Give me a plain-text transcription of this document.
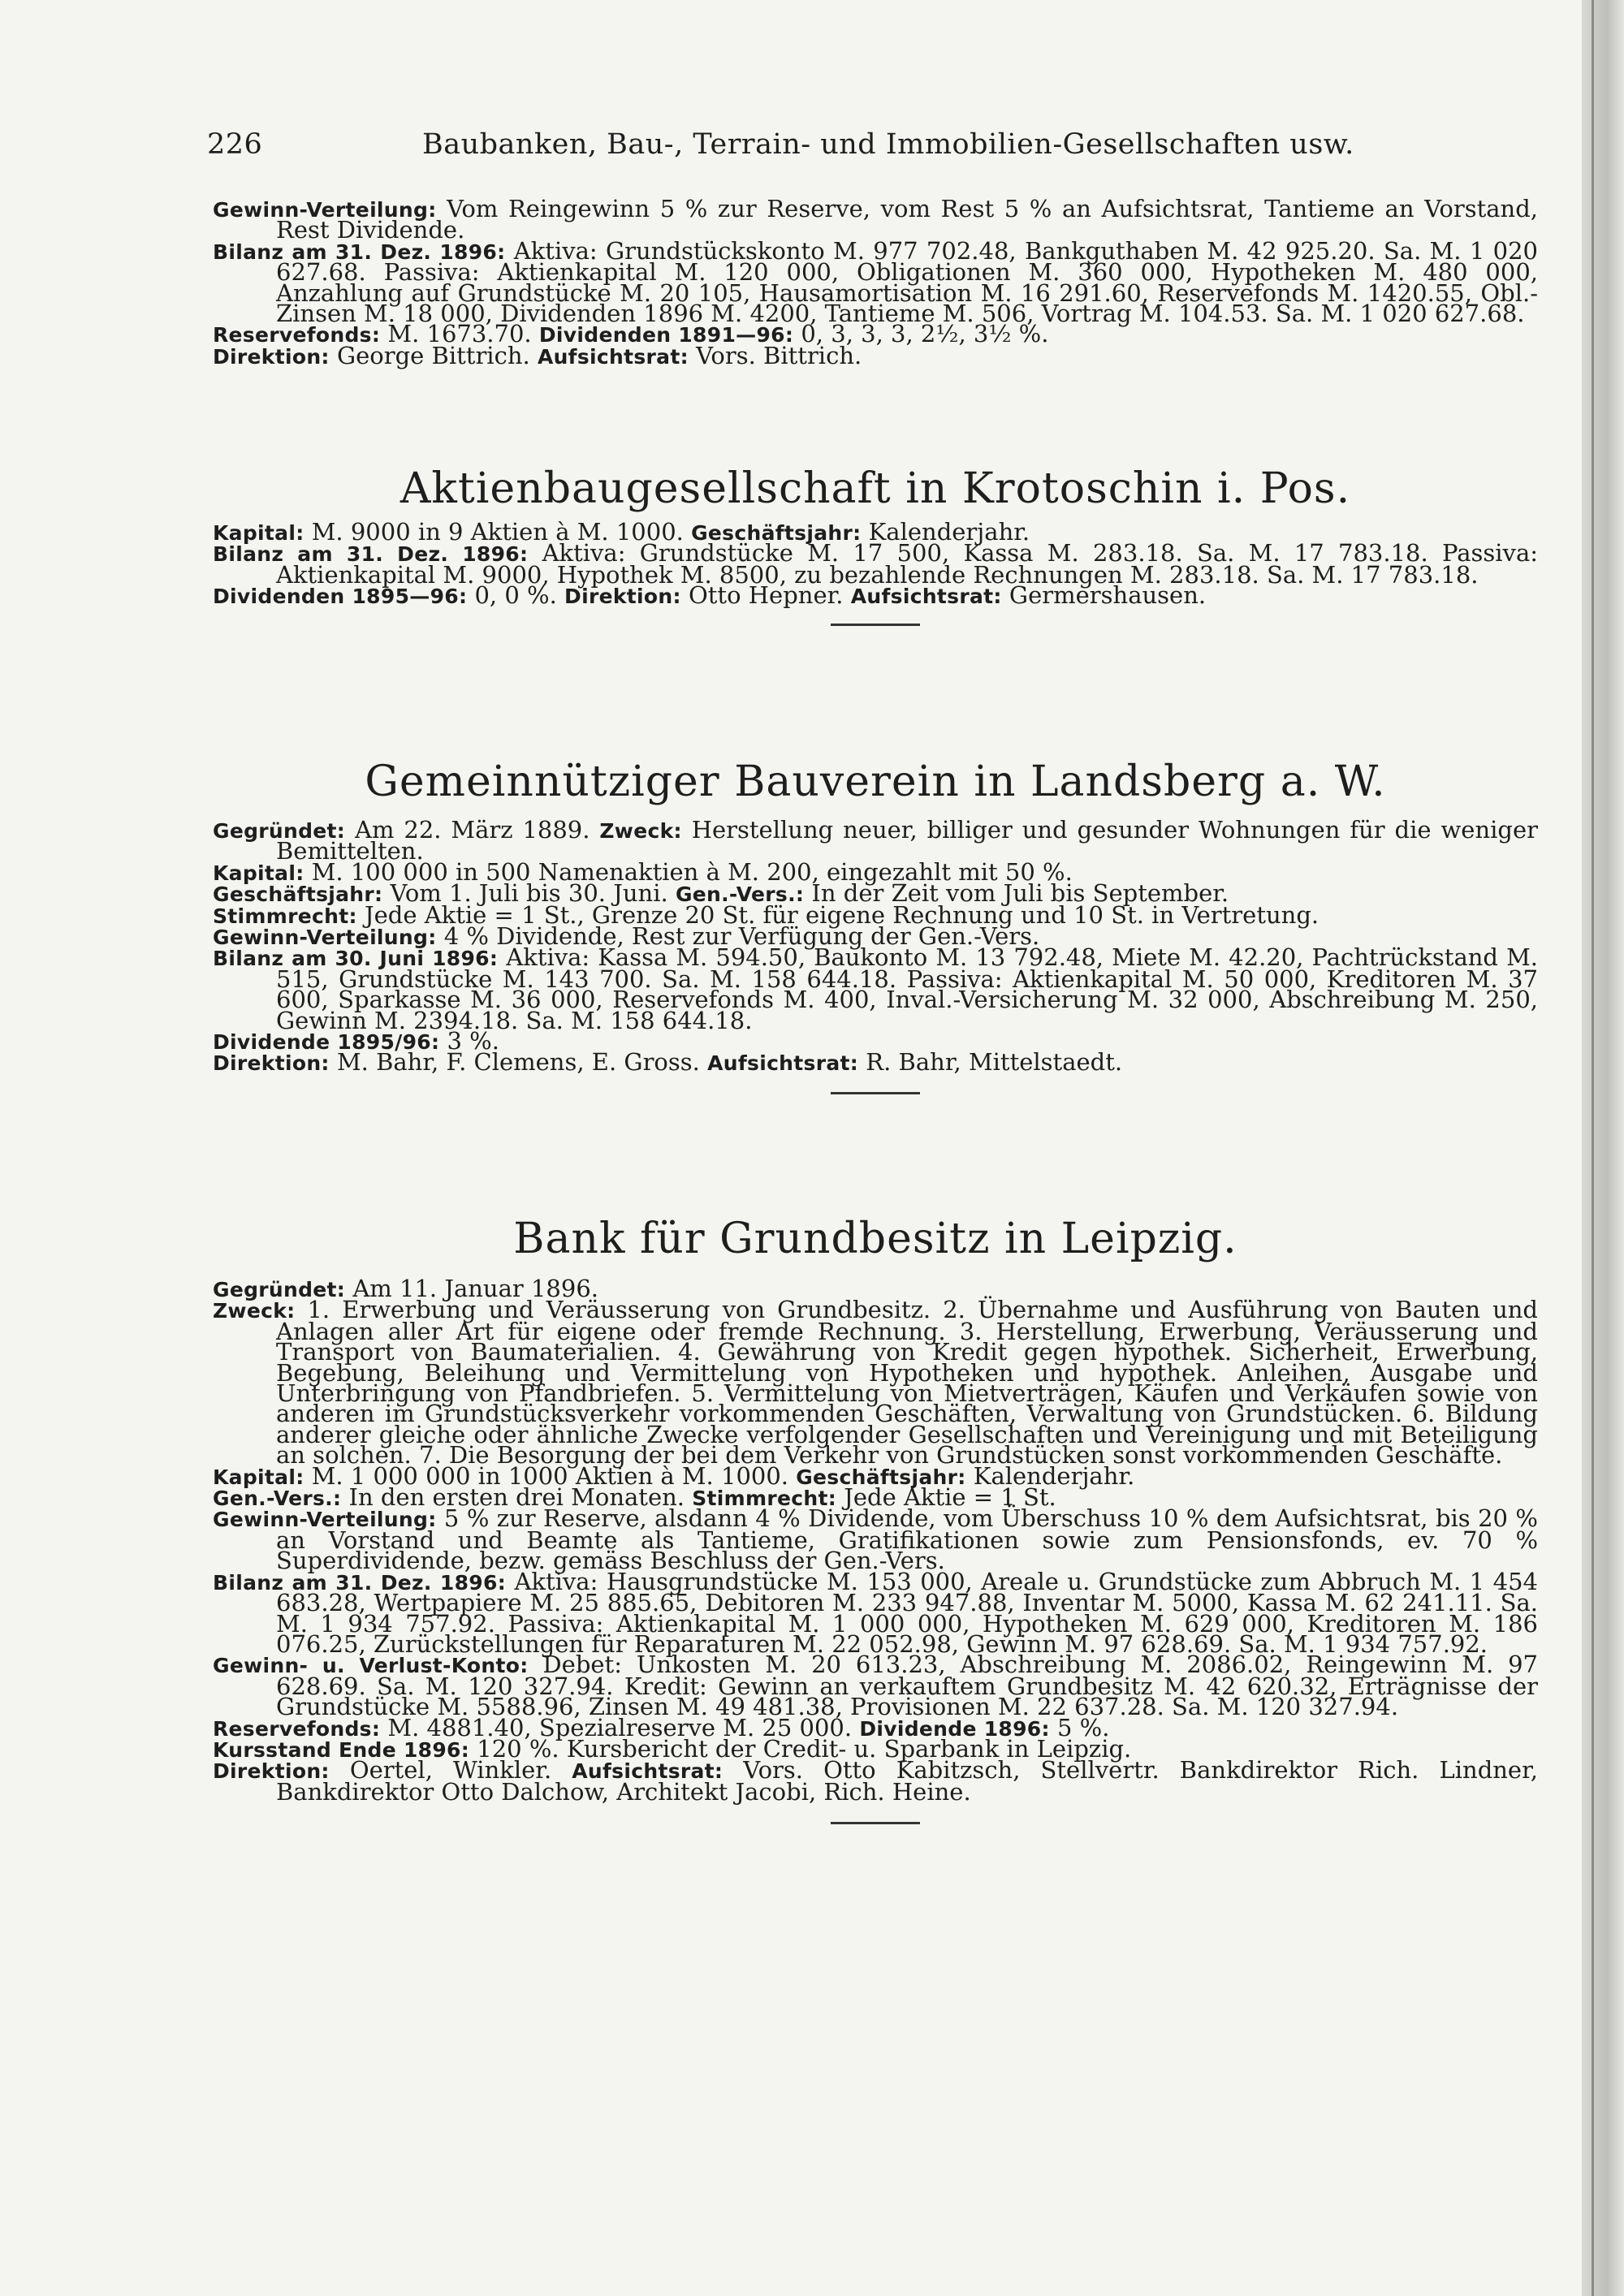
226	Baubanken, Bau-, Terrain- und Immobilien-Gesellschaften usw.

Gewinn-Verteilung: Vom Reingewinn 5 % zur Reserve, vom Rest 5 % an Aufsichtsrat, Tantieme an Vorstand, Rest Dividende.

Bilanz am 31. Dez. 1896: Aktiva: Grundstückskonto M. 977 702.48, Bankguthaben M. 42 925.20. Sa. M. 1 020 627.68. Passiva: Aktienkapital M. 120 000, Obligationen M. 360 000, Hypotheken M. 480 000, Anzahlung auf Grundstücke M. 20 105, Hausamortisation M. 16 291.60, Reservefonds M. 1420.55, Obl.-Zinsen M. 18 000, Dividenden 1896 M. 4200, Tantieme M. 506, Vortrag M. 104.53. Sa. M. 1 020 627.68.

Reservefonds: M. 1673.70. Dividenden 1891—96: 0, 3, 3, 3, 2½, 3½ %.

Direktion: George Bittrich. Aufsichtsrat: Vors. Bittrich.

Aktienbaugesellschaft in Krotoschin i. Pos.

Kapital: M. 9000 in 9 Aktien à M. 1000. Geschäftsjahr: Kalenderjahr.

Bilanz am 31. Dez. 1896: Aktiva: Grundstücke M. 17 500, Kassa M. 283.18. Sa. M. 17 783.18. Passiva: Aktienkapital M. 9000, Hypothek M. 8500, zu bezahlende Rechnungen M. 283.18. Sa. M. 17 783.18.

Dividenden 1895—96: 0, 0 %. Direktion: Otto Hepner. Aufsichtsrat: Germershausen.

Gemeinnütziger Bauverein in Landsberg a. W.

Gegründet: Am 22. März 1889. Zweck: Herstellung neuer, billiger und gesunder Wohnungen für die weniger Bemittelten.

Kapital: M. 100 000 in 500 Namenaktien à M. 200, eingezahlt mit 50 %.

Geschäftsjahr: Vom 1. Juli bis 30. Juni. Gen.-Vers.: In der Zeit vom Juli bis September.

Stimmrecht: Jede Aktie = 1 St., Grenze 20 St. für eigene Rechnung und 10 St. in Vertretung.

Gewinn-Verteilung: 4 % Dividende, Rest zur Verfügung der Gen.-Vers.

Bilanz am 30. Juni 1896: Aktiva: Kassa M. 594.50, Baukonto M. 13 792.48, Miete M. 42.20, Pachtrückstand M. 515, Grundstücke M. 143 700. Sa. M. 158 644.18. Passiva: Aktienkapital M. 50 000, Kreditoren M. 37 600, Sparkasse M. 36 000, Reservefonds M. 400, Inval.-Versicherung M. 32 000, Abschreibung M. 250, Gewinn M. 2394.18. Sa. M. 158 644.18.

Dividende 1895/96: 3 %.

Direktion: M. Bahr, F. Clemens, E. Gross. Aufsichtsrat: R. Bahr, Mittelstaedt.

Bank für Grundbesitz in Leipzig.

Gegründet: Am 11. Januar 1896.

Zweck: 1. Erwerbung und Veräusserung von Grundbesitz. 2. Übernahme und Ausführung von Bauten und Anlagen aller Art für eigene oder fremde Rechnung. 3. Herstellung, Erwerbung, Veräusserung und Transport von Baumaterialien. 4. Gewährung von Kredit gegen hypothek. Sicherheit, Erwerbung, Begebung, Beleihung und Vermittelung von Hypotheken und hypothek. Anleihen, Ausgabe und Unterbringung von Pfandbriefen. 5. Vermittelung von Mietverträgen, Käufen und Verkäufen sowie von anderen im Grundstücksverkehr vorkommenden Geschäften, Verwaltung von Grundstücken. 6. Bildung anderer gleiche oder ähnliche Zwecke verfolgender Gesellschaften und Vereinigung und mit Beteiligung an solchen. 7. Die Besorgung der bei dem Verkehr von Grundstücken sonst vorkommenden Geschäfte.

Kapital: M. 1 000 000 in 1000 Aktien à M. 1000. Geschäftsjahr: Kalenderjahr.

Gen.-Vers.: In den ersten drei Monaten. Stimmrecht: Jede Aktie = 1 St.

Gewinn-Verteilung: 5 % zur Reserve, alsdann 4 % Dividende, vom Überschuss 10 % dem Aufsichtsrat, bis 20 % an Vorstand und Beamte als Tantieme, Gratifikationen sowie zum Pensionsfonds, ev. 70 % Superdividende, bezw. gemäss Beschluss der Gen.-Vers.

Bilanz am 31. Dez. 1896: Aktiva: Hausgrundstücke M. 153 000, Areale u. Grundstücke zum Abbruch M. 1 454 683.28, Wertpapiere M. 25 885.65, Debitoren M. 233 947.88, Inventar M. 5000, Kassa M. 62 241.11. Sa. M. 1 934 757.92. Passiva: Aktienkapital M. 1 000 000, Hypotheken M. 629 000, Kreditoren M. 186 076.25, Zurückstellungen für Reparaturen M. 22 052.98, Gewinn M. 97 628.69. Sa. M. 1 934 757.92.

Gewinn- u. Verlust-Konto: Debet: Unkosten M. 20 613.23, Abschreibung M. 2086.02, Reingewinn M. 97 628.69. Sa. M. 120 327.94. Kredit: Gewinn an verkauftem Grundbesitz M. 42 620.32, Erträgnisse der Grundstücke M. 5588.96, Zinsen M. 49 481.38, Provisionen M. 22 637.28. Sa. M. 120 327.94.

Reservefonds: M. 4881.40, Spezialreserve M. 25 000. Dividende 1896: 5 %.

Kursstand Ende 1896: 120 %. Kursbericht der Credit- u. Sparbank in Leipzig.

Direktion: Oertel, Winkler. Aufsichtsrat: Vors. Otto Kabitzsch, Stellvertr. Bankdirektor Rich. Lindner, Bankdirektor Otto Dalchow, Architekt Jacobi, Rich. Heine.
